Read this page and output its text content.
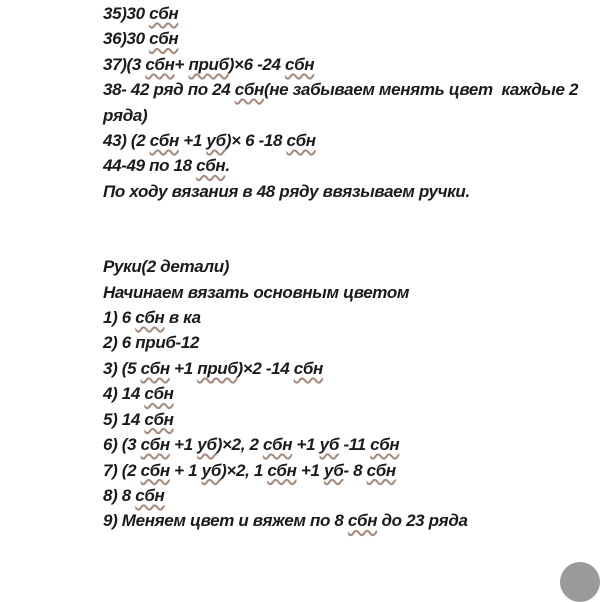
35)30 сбн

36)30 сбн

37)(3 сбн+ приб)×6 -24 сбн

38- 42 ряд по 24 сбн(не забываем менять цвет  каждые 2

ряда)

43) (2 сбн +1 уб)× 6 -18 сбн

44-49 по 18 сбн.

По ходу вязания в 48 ряду ввязываем ручки.

Руки(2 детали)

Начинаем вязать основным цветом

1) 6 сбн в ка

2) 6 приб-12

3) (5 сбн +1 приб)×2 -14 сбн

4) 14 сбн

5) 14 сбн

6) (3 сбн +1 уб)×2, 2 сбн +1 уб -11 сбн

7) (2 сбн + 1 уб)×2, 1 сбн +1 уб- 8 сбн

8) 8 сбн

9) Меняем цвет и вяжем по 8 сбн до 23 ряда
